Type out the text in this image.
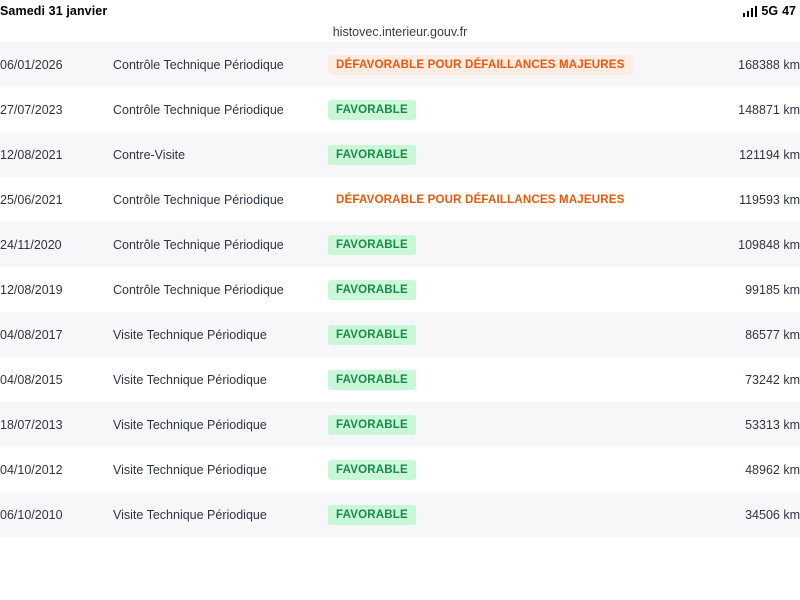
Samedi 31 janvier	5G 47
histovec.interieur.gouv.fr
06/01/2026	Contrôle Technique Périodique	DÉFAVORABLE POUR DÉFAILLANCES MAJEURES	168388 km
27/07/2023	Contrôle Technique Périodique	FAVORABLE	148871 km
12/08/2021	Contre-Visite	FAVORABLE	121194 km
25/06/2021	Contrôle Technique Périodique	DÉFAVORABLE POUR DÉFAILLANCES MAJEURES	119593 km
24/11/2020	Contrôle Technique Périodique	FAVORABLE	109848 km
12/08/2019	Contrôle Technique Périodique	FAVORABLE	99185 km
04/08/2017	Visite Technique Périodique	FAVORABLE	86577 km
04/08/2015	Visite Technique Périodique	FAVORABLE	73242 km
18/07/2013	Visite Technique Périodique	FAVORABLE	53313 km
04/10/2012	Visite Technique Périodique	FAVORABLE	48962 km
06/10/2010	Visite Technique Périodique	FAVORABLE	34506 km
